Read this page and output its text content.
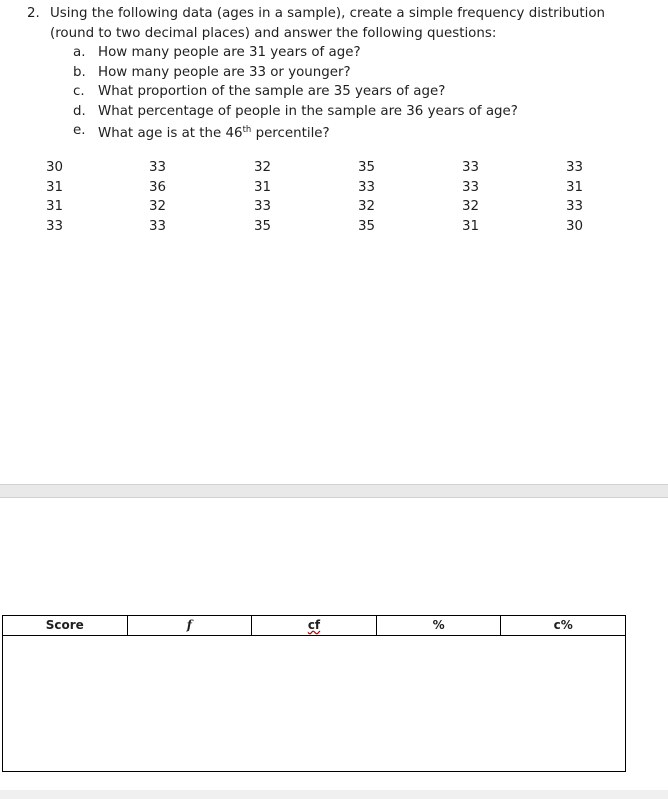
2. Using the following data (ages in a sample), create a simple frequency distribution
(round to two decimal places) and answer the following questions:
a. How many people are 31 years of age?
b. How many people are 33 or younger?
c. What proportion of the sample are 35 years of age?
d. What percentage of people in the sample are 36 years of age?
e. What age is at the 46th percentile?
30	33	32	35	33	33
31	36	31	33	33	31
31	32	33	32	32	33
33	33	35	35	31	30
Score	f	cf	%	c%
